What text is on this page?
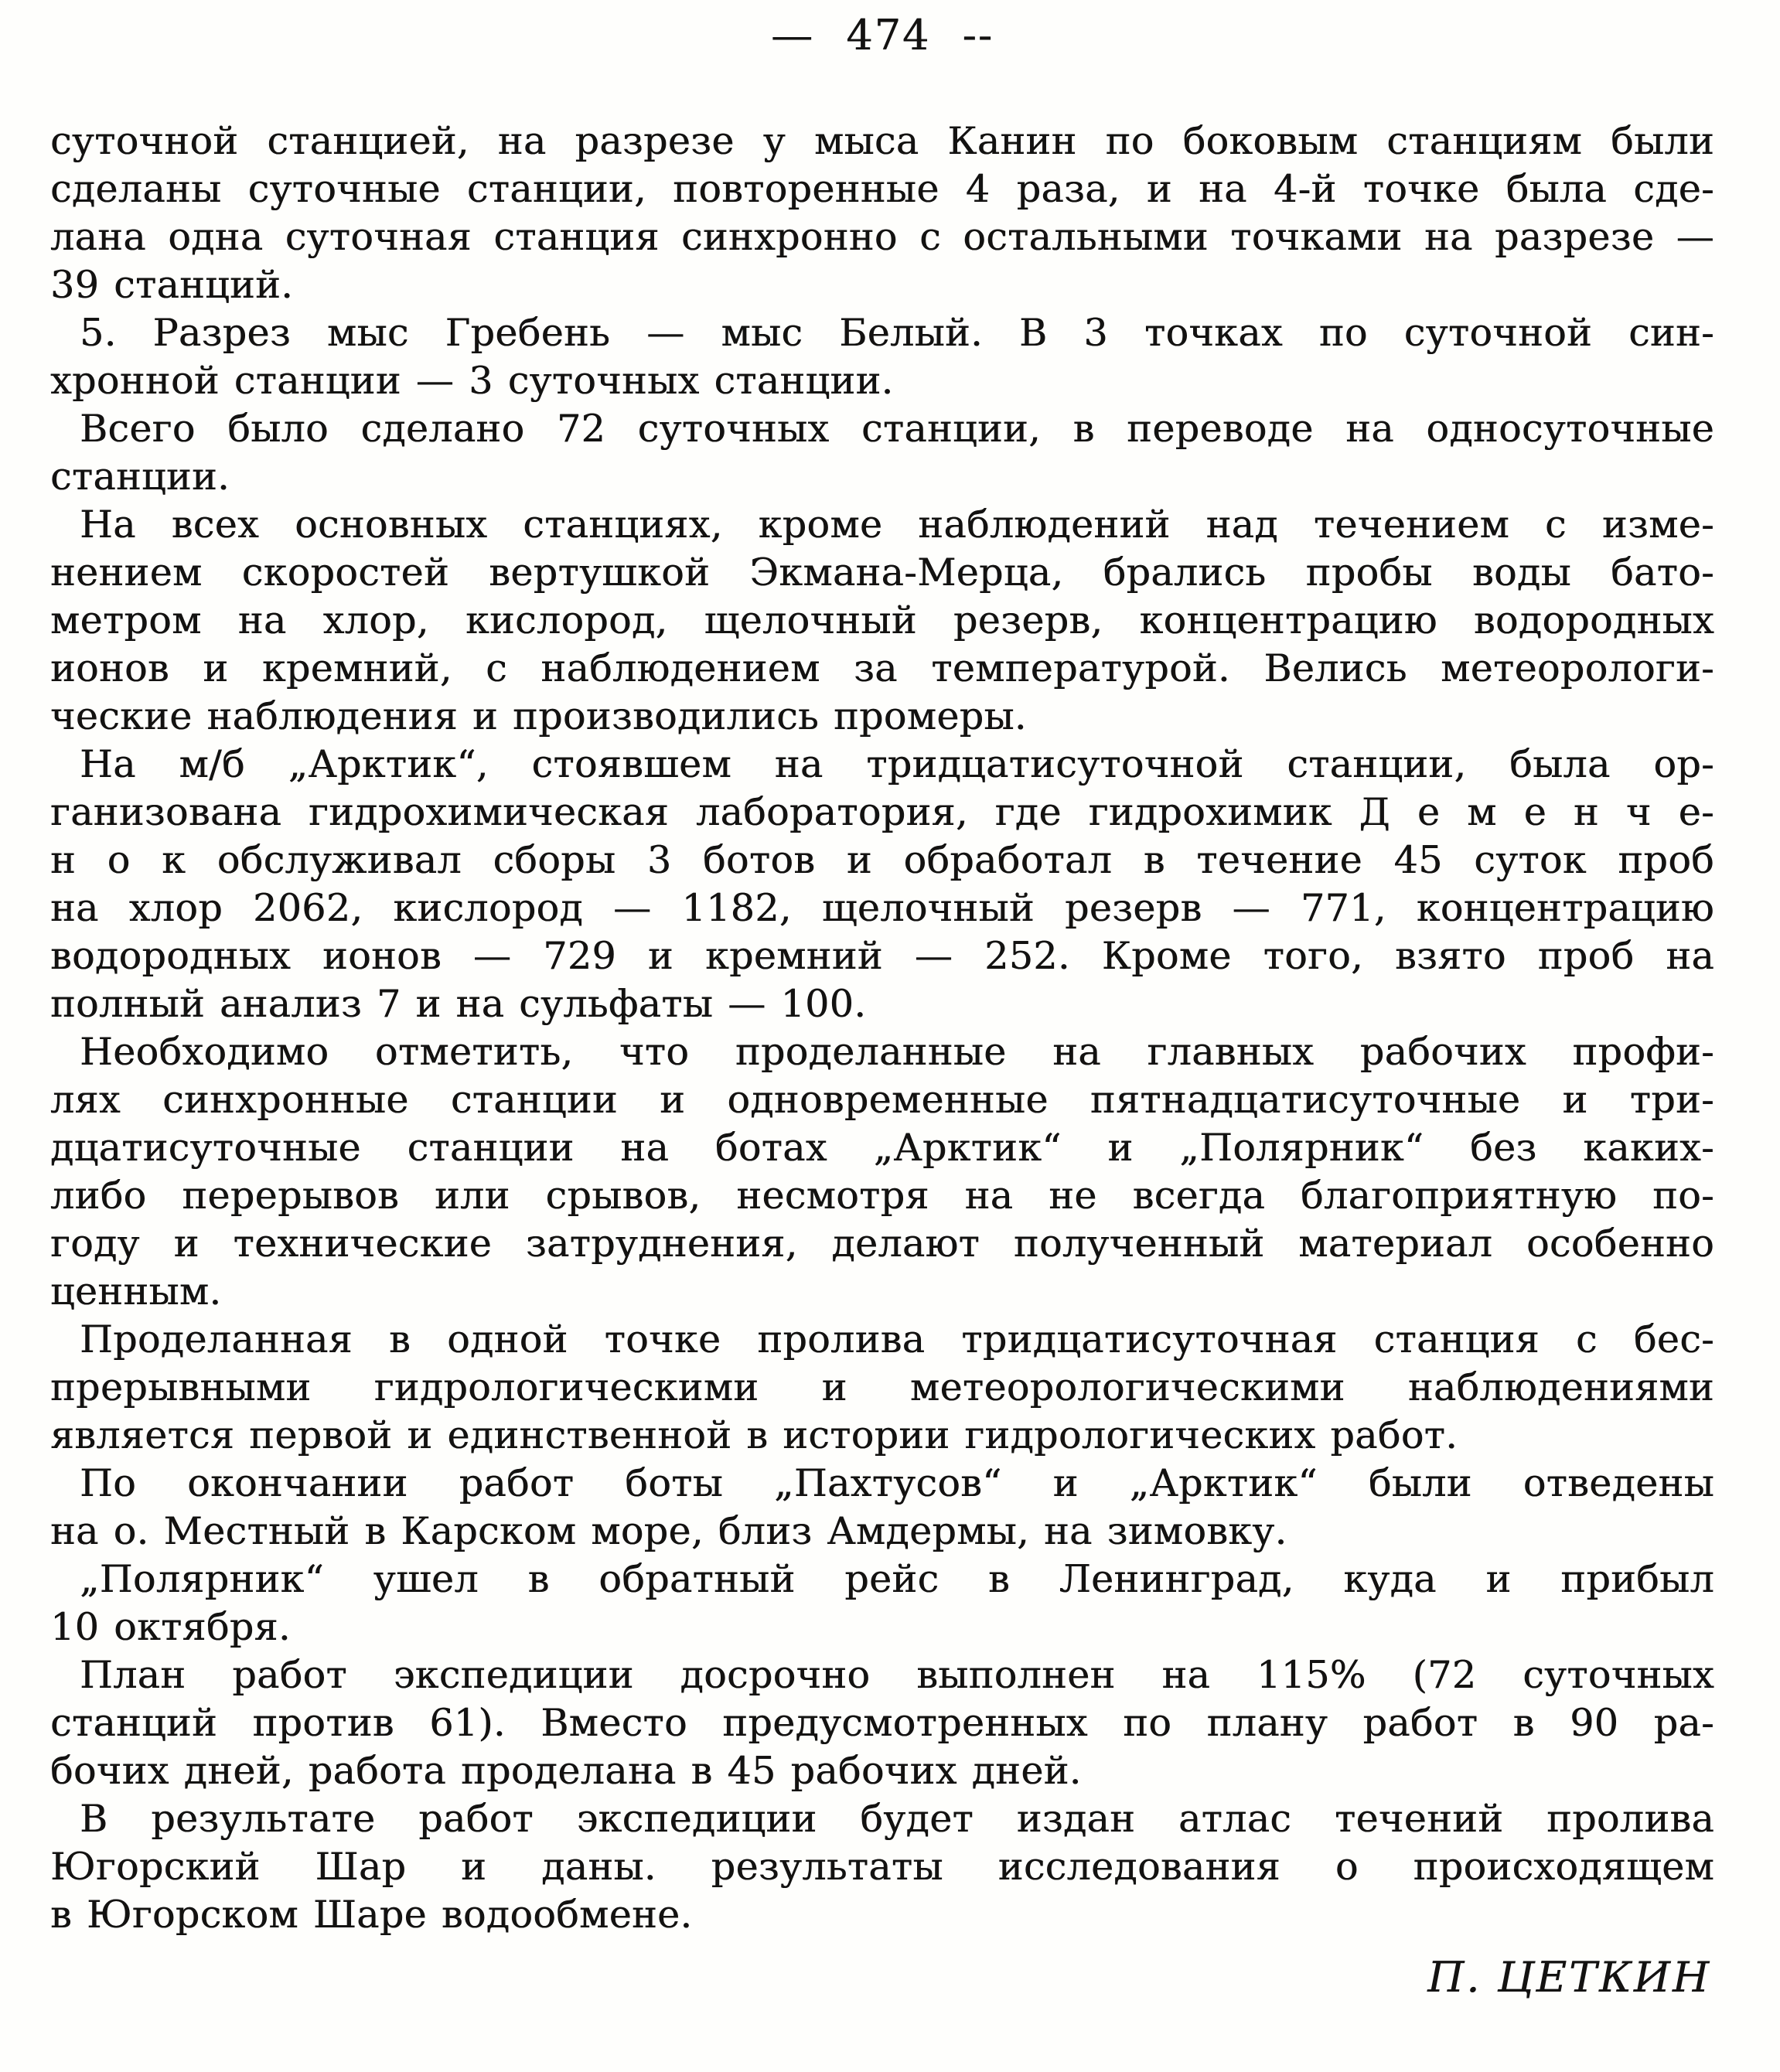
— 474 --
суточной станцией, на разрезе у мыса Канин по боковым станциям были
сделаны суточные станции, повторенные 4 раза, и на 4-й точке была сде-
лана одна суточная станция синхронно с остальными точками на разрезе —
39 станций.
5. Разрез мыс Гребень — мыс Белый. В 3 точках по суточной син-
хронной станции — 3 суточных станции.
Всего было сделано 72 суточных станции, в переводе на односуточные
станции.
На всех основных станциях, кроме наблюдений над течением с изме-
нением скоростей вертушкой Экмана-Мерца, брались пробы воды бато-
метром на хлор, кислород, щелочный резерв, концентрацию водородных
ионов и кремний, с наблюдением за температурой. Велись метеорологи-
ческие наблюдения и производились промеры.
На м/б „Арктик“, стоявшем на тридцатисуточной станции, была ор-
ганизована гидрохимическая лаборатория, где гидрохимик Д е м е н ч е-
н о к обслуживал сборы 3 ботов и обработал в течение 45 суток проб
на хлор 2062, кислород — 1182, щелочный резерв — 771, концентрацию
водородных ионов — 729 и кремний — 252. Кроме того, взято проб на
полный анализ 7 и на сульфаты — 100.
Необходимо отметить, что проделанные на главных рабочих профи-
лях синхронные станции и одновременные пятнадцатисуточные и три-
дцатисуточные станции на ботах „Арктик“ и „Полярник“ без каких-
либо перерывов или срывов, несмотря на не всегда благоприятную по-
году и технические затруднения, делают полученный материал особенно
ценным.
Проделанная в одной точке пролива тридцатисуточная станция с бес-
прерывными гидрологическими и метеорологическими наблюдениями
является первой и единственной в истории гидрологических работ.
По окончании работ боты „Пахтусов“ и „Арктик“ были отведены
на о. Местный в Карском море, близ Амдермы, на зимовку.
„Полярник“ ушел в обратный рейс в Ленинград, куда и прибыл
10 октября.
План работ экспедиции досрочно выполнен на 115% (72 суточных
станций против 61). Вместо предусмотренных по плану работ в 90 ра-
бочих дней, работа проделана в 45 рабочих дней.
В результате работ экспедиции будет издан атлас течений пролива
Югорский Шар и даны. результаты исследования о происходящем
в Югорском Шаре водообмене.
П. ЦЕТКИН
